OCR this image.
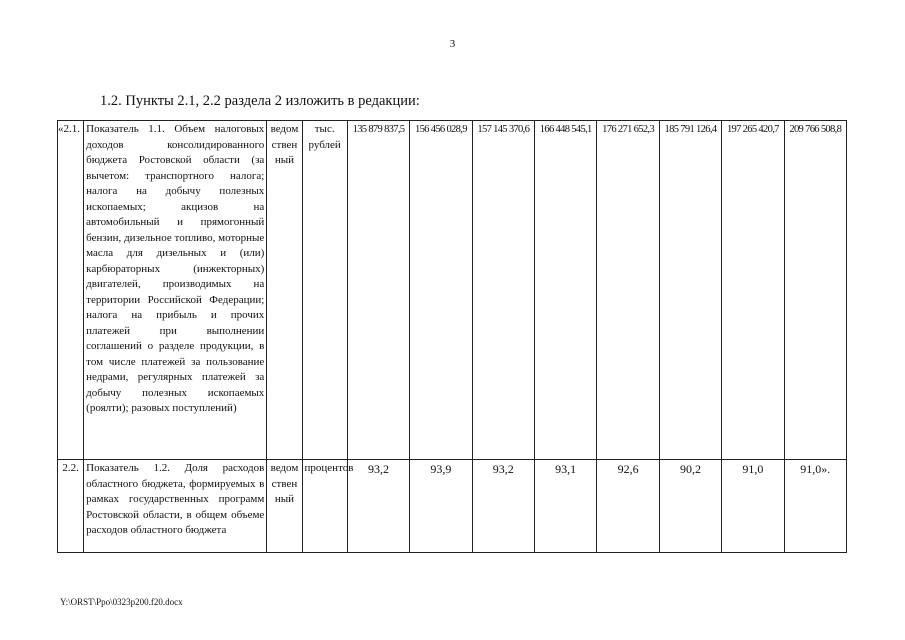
3
1.2. Пункты 2.1, 2.2 раздела 2 изложить в редакции:
«2.1.	Показатель 1.1. Объем налоговых доходов консолидированного бюджета Ростовской области (за вычетом: транспортного налога; налога на добычу полезных ископаемых; акцизов на автомобильный и прямогонный бензин, дизельное топливо, моторные масла для дизельных и (или) карбюраторных (инжекторных) двигателей, производимых на территории Российской Федерации; налога на прибыль и прочих платежей при выполнении соглашений о разделе продукции, в том числе платежей за пользование недрами, регулярных платежей за добычу полезных ископаемых (роялти); разовых поступлений)	ведомственный	тыс. рублей	135 879 837,5	156 456 028,9	157 145 370,6	166 448 545,1	176 271 652,3	185 791 126,4	197 265 420,7	209 766 508,8
2.2.	Показатель 1.2. Доля расходов областного бюджета, формируемых в рамках государственных программ Ростовской области, в общем объеме расходов областного бюджета	ведомственный	процентов	93,2	93,9	93,2	93,1	92,6	90,2	91,0	91,0».
Y:\ORST\Ppo\0323p200.f20.docx
